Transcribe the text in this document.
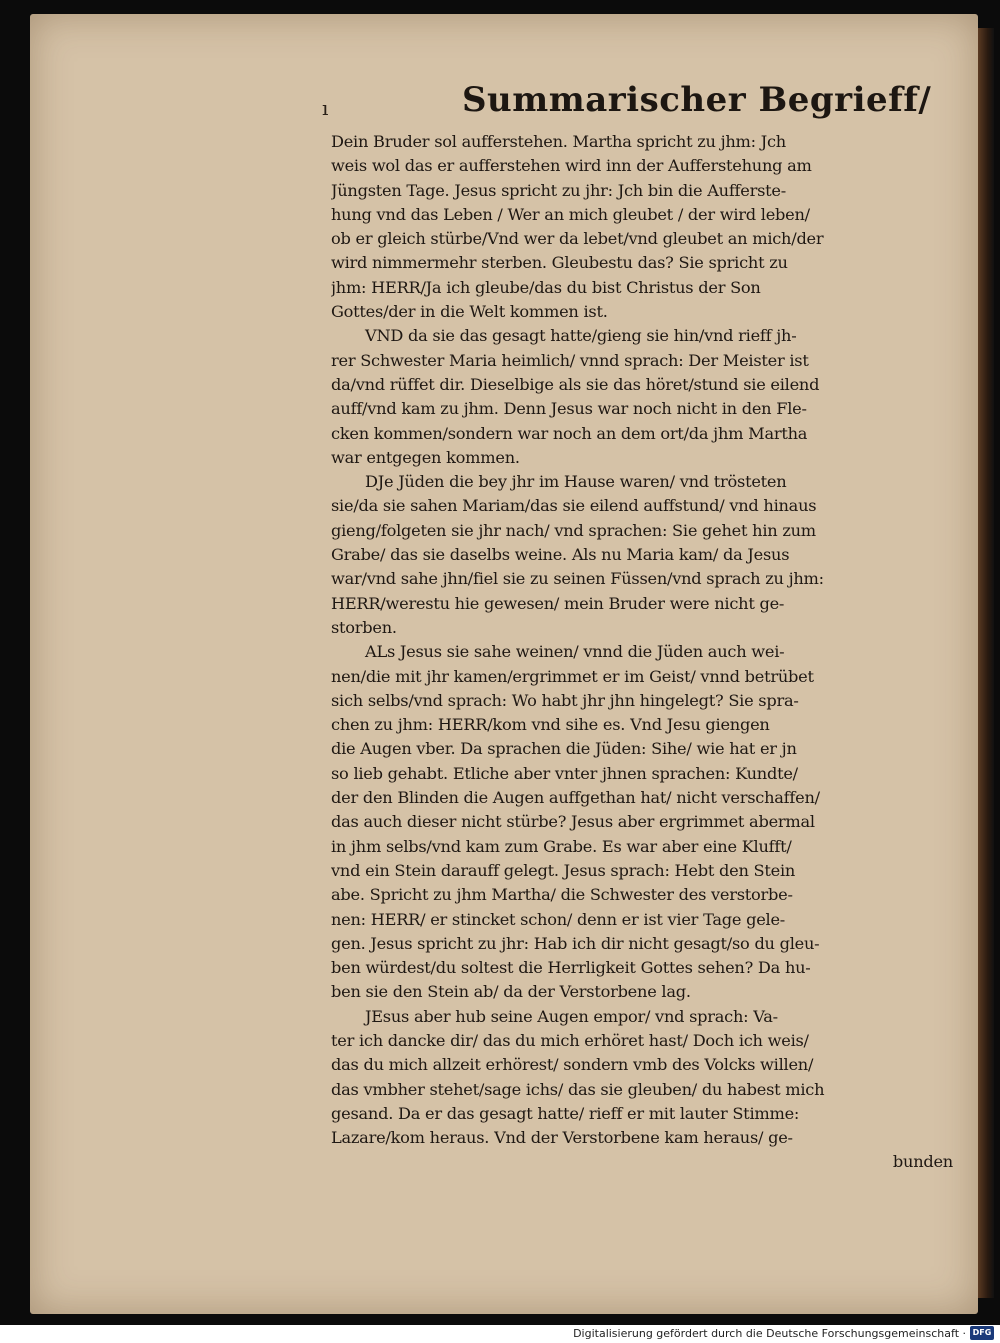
ı	Summarischer Begrieff/
Dein Bruder sol aufferstehen. Martha spricht zu jhm: Jch
weis wol das er aufferstehen wird inn der Aufferstehung am
Jüngsten Tage. Jesus spricht zu jhr: Jch bin die Aufferste-
hung vnd das Leben / Wer an mich gleubet / der wird leben/
ob er gleich stürbe/Vnd wer da lebet/vnd gleubet an mich/der
wird nimmermehr sterben. Gleubestu das? Sie spricht zu
jhm: HERR/Ja ich gleube/das du bist Christus der Son
Gottes/der in die Welt kommen ist.
VND da sie das gesagt hatte/gieng sie hin/vnd rieff jh-
rer Schwester Maria heimlich/ vnnd sprach: Der Meister ist
da/vnd rüffet dir. Dieselbige als sie das höret/stund sie eilend
auff/vnd kam zu jhm. Denn Jesus war noch nicht in den Fle-
cken kommen/sondern war noch an dem ort/da jhm Martha
war entgegen kommen.
DJe Jüden die bey jhr im Hause waren/ vnd trösteten
sie/da sie sahen Mariam/das sie eilend auffstund/ vnd hinaus
gieng/folgeten sie jhr nach/ vnd sprachen: Sie gehet hin zum
Grabe/ das sie daselbs weine. Als nu Maria kam/ da Jesus
war/vnd sahe jhn/fiel sie zu seinen Füssen/vnd sprach zu jhm:
HERR/werestu hie gewesen/ mein Bruder were nicht ge-
storben.
ALs Jesus sie sahe weinen/ vnnd die Jüden auch wei-
nen/die mit jhr kamen/ergrimmet er im Geist/ vnnd betrübet
sich selbs/vnd sprach: Wo habt jhr jhn hingelegt? Sie spra-
chen zu jhm: HERR/kom vnd sihe es. Vnd Jesu giengen
die Augen vber. Da sprachen die Jüden: Sihe/ wie hat er jn
so lieb gehabt. Etliche aber vnter jhnen sprachen: Kundte/
der den Blinden die Augen auffgethan hat/ nicht verschaffen/
das auch dieser nicht stürbe? Jesus aber ergrimmet abermal
in jhm selbs/vnd kam zum Grabe. Es war aber eine Klufft/
vnd ein Stein darauff gelegt. Jesus sprach: Hebt den Stein
abe. Spricht zu jhm Martha/ die Schwester des verstorbe-
nen: HERR/ er stincket schon/ denn er ist vier Tage gele-
gen. Jesus spricht zu jhr: Hab ich dir nicht gesagt/so du gleu-
ben würdest/du soltest die Herrligkeit Gottes sehen? Da hu-
ben sie den Stein ab/ da der Verstorbene lag.
JEsus aber hub seine Augen empor/ vnd sprach: Va-
ter ich dancke dir/ das du mich erhöret hast/ Doch ich weis/
das du mich allzeit erhörest/ sondern vmb des Volcks willen/
das vmbher stehet/sage ichs/ das sie gleuben/ du habest mich
gesand. Da er das gesagt hatte/ rieff er mit lauter Stimme:
Lazare/kom heraus. Vnd der Verstorbene kam heraus/ ge-
bunden
Digitalisierung gefördert durch die Deutsche Forschungsgemeinschaft · DFG
